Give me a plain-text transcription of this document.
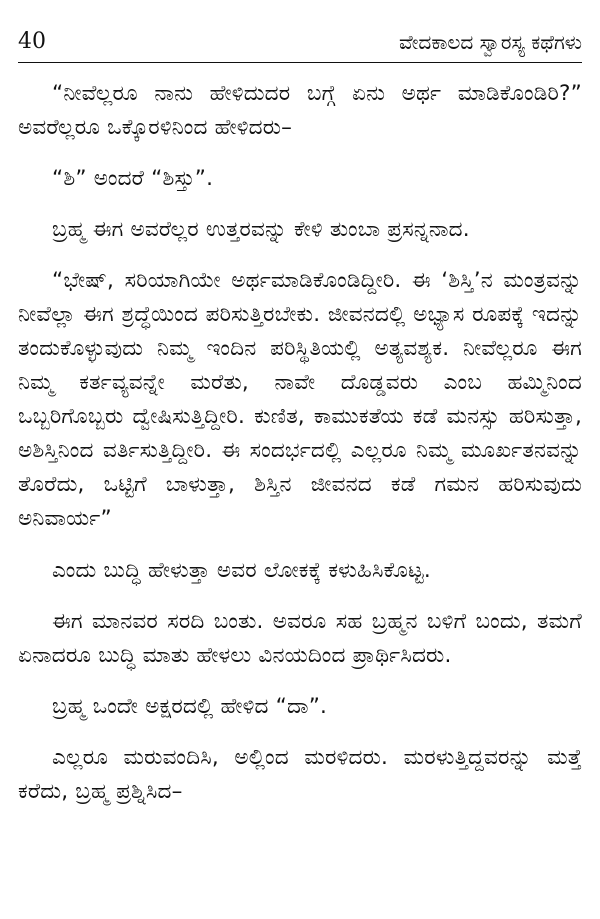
40	ವೇದಕಾಲದ ಸ್ವಾರಸ್ಯ ಕಥೆಗಳು

“ನೀವೆಲ್ಲರೂ ನಾನು ಹೇಳಿದುದರ ಬಗ್ಗೆ ಏನು ಅರ್ಥ ಮಾಡಿಕೊಂಡಿರಿ?” ಅವರೆಲ್ಲರೂ ಒಕ್ಕೊರಳಿನಿಂದ ಹೇಳಿದರು–

“ಶಿ” ಅಂದರೆ “ಶಿಸ್ತು”.

ಬ್ರಹ್ಮ ಈಗ ಅವರೆಲ್ಲರ ಉತ್ತರವನ್ನು ಕೇಳಿ ತುಂಬಾ ಪ್ರಸನ್ನನಾದ.

“ಭೇಷ್, ಸರಿಯಾಗಿಯೇ ಅರ್ಥಮಾಡಿಕೊಂಡಿದ್ದೀರಿ. ಈ ‘ಶಿಸ್ತಿ’ನ ಮಂತ್ರವನ್ನು ನೀವೆಲ್ಲಾ ಈಗ ಶ್ರದ್ಧೆಯಿಂದ ಪರಿಸುತ್ತಿರಬೇಕು. ಜೀವನದಲ್ಲಿ ಅಭ್ಯಾಸ ರೂಪಕ್ಕೆ ಇದನ್ನು ತಂದುಕೊಳ್ಳುವುದು ನಿಮ್ಮ ಇಂದಿನ ಪರಿಸ್ಥಿತಿಯಲ್ಲಿ ಅತ್ಯವಶ್ಯಕ. ನೀವೆಲ್ಲರೂ ಈಗ ನಿಮ್ಮ ಕರ್ತವ್ಯವನ್ನೇ ಮರೆತು, ನಾವೇ ದೊಡ್ಡವರು ಎಂಬ ಹಮ್ಮಿನಿಂದ ಒಬ್ಬರಿಗೊಬ್ಬರು ದ್ವೇಷಿಸುತ್ತಿದ್ದೀರಿ. ಕುಣಿತ, ಕಾಮುಕತೆಯ ಕಡೆ ಮನಸ್ಸು ಹರಿಸುತ್ತಾ, ಅಶಿಸ್ತಿನಿಂದ ವರ್ತಿಸುತ್ತಿದ್ದೀರಿ. ಈ ಸಂದರ್ಭದಲ್ಲಿ ಎಲ್ಲರೂ ನಿಮ್ಮ ಮೂರ್ಖತನವನ್ನು ತೊರೆದು, ಒಟ್ಟಿಗೆ ಬಾಳುತ್ತಾ, ಶಿಸ್ತಿನ ಜೀವನದ ಕಡೆ ಗಮನ ಹರಿಸುವುದು ಅನಿವಾರ್ಯ”

ಎಂದು ಬುದ್ಧಿ ಹೇಳುತ್ತಾ ಅವರ ಲೋಕಕ್ಕೆ ಕಳುಹಿಸಿಕೊಟ್ಟ.

ಈಗ ಮಾನವರ ಸರದಿ ಬಂತು. ಅವರೂ ಸಹ ಬ್ರಹ್ಮನ ಬಳಿಗೆ ಬಂದು, ತಮಗೆ ಏನಾದರೂ ಬುದ್ಧಿ ಮಾತು ಹೇಳಲು ವಿನಯದಿಂದ ಪ್ರಾರ್ಥಿಸಿದರು.

ಬ್ರಹ್ಮ ಒಂದೇ ಅಕ್ಷರದಲ್ಲಿ ಹೇಳಿದ “ದಾ”.

ಎಲ್ಲರೂ ಮರುವಂದಿಸಿ, ಅಲ್ಲಿಂದ ಮರಳಿದರು. ಮರಳುತ್ತಿದ್ದವರನ್ನು ಮತ್ತೆ ಕರೆದು, ಬ್ರಹ್ಮ ಪ್ರಶ್ನಿಸಿದ–
